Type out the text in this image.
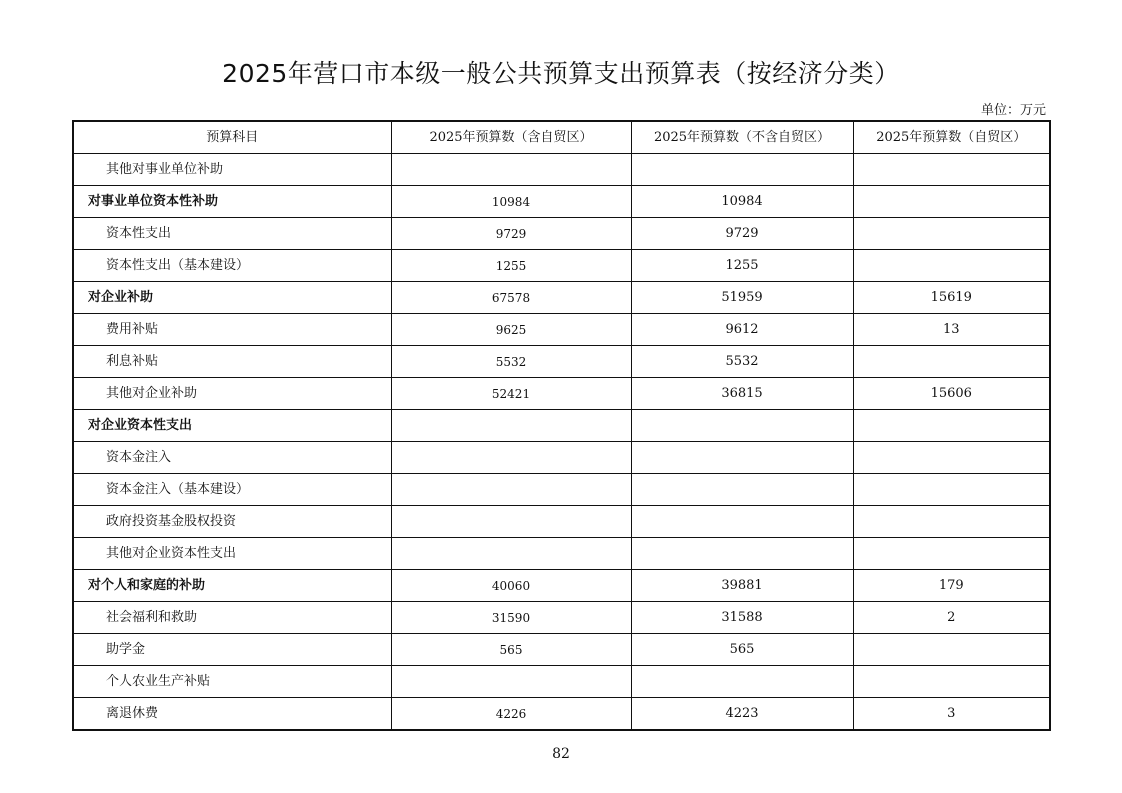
2025年营口市本级一般公共预算支出预算表（按经济分类）
单位：万元
预算科目	2025年预算数（含自贸区）	2025年预算数（不含自贸区）	2025年预算数（自贸区）
其他对事业单位补助			
对事业单位资本性补助	10984	10984	
资本性支出	9729	9729	
资本性支出（基本建设）	1255	1255	
对企业补助	67578	51959	15619
费用补贴	9625	9612	13
利息补贴	5532	5532	
其他对企业补助	52421	36815	15606
对企业资本性支出			
资本金注入			
资本金注入（基本建设）			
政府投资基金股权投资			
其他对企业资本性支出			
对个人和家庭的补助	40060	39881	179
社会福利和救助	31590	31588	2
助学金	565	565	
个人农业生产补贴			
离退休费	4226	4223	3
82
